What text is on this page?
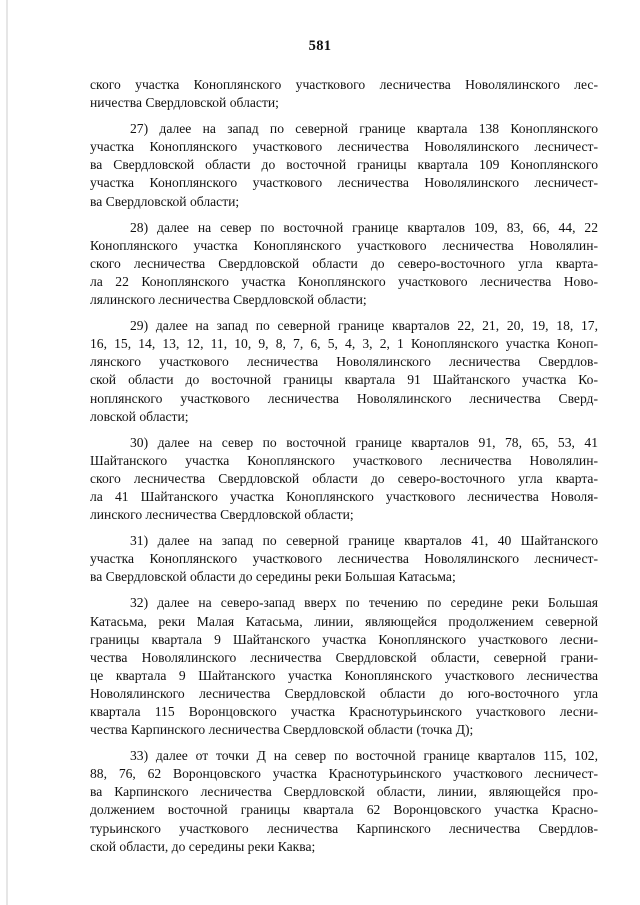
581
ского участка Коноплянского участкового лесничества Новолялинского лес-
ничества Свердловской области;
27) далее на запад по северной границе квартала 138 Коноплянского
участка Коноплянского участкового лесничества Новолялинского лесничест-
ва Свердловской области до восточной границы квартала 109 Коноплянского
участка Коноплянского участкового лесничества Новолялинского лесничест-
ва Свердловской области;
28) далее на север по восточной границе кварталов 109, 83, 66, 44, 22
Коноплянского участка Коноплянского участкового лесничества Новолялин-
ского лесничества Свердловской области до северо-восточного угла кварта-
ла 22 Коноплянского участка Коноплянского участкового лесничества Ново-
лялинского лесничества Свердловской области;
29) далее на запад по северной границе кварталов 22, 21, 20, 19, 18, 17,
16, 15, 14, 13, 12, 11, 10, 9, 8, 7, 6, 5, 4, 3, 2, 1 Коноплянского участка Коноп-
лянского участкового лесничества Новолялинского лесничества Свердлов-
ской области до восточной границы квартала 91 Шайтанского участка Ко-
ноплянского участкового лесничества Новолялинского лесничества Сверд-
ловской области;
30) далее на север по восточной границе кварталов 91, 78, 65, 53, 41
Шайтанского участка Коноплянского участкового лесничества Новолялин-
ского лесничества Свердловской области до северо-восточного угла кварта-
ла 41 Шайтанского участка Коноплянского участкового лесничества Новоля-
линского лесничества Свердловской области;
31) далее на запад по северной границе кварталов 41, 40 Шайтанского
участка Коноплянского участкового лесничества Новолялинского лесничест-
ва Свердловской области до середины реки Большая Катасьма;
32) далее на северо-запад вверх по течению по середине реки Большая
Катасьма, реки Малая Катасьма, линии, являющейся продолжением северной
границы квартала 9 Шайтанского участка Коноплянского участкового лесни-
чества Новолялинского лесничества Свердловской области, северной грани-
це квартала 9 Шайтанского участка Коноплянского участкового лесничества
Новолялинского лесничества Свердловской области до юго-восточного угла
квартала 115 Воронцовского участка Краснотурьинского участкового лесни-
чества Карпинского лесничества Свердловской области (точка Д);
33) далее от точки Д на север по восточной границе кварталов 115, 102,
88, 76, 62 Воронцовского участка Краснотурьинского участкового лесничест-
ва Карпинского лесничества Свердловской области, линии, являющейся про-
должением восточной границы квартала 62 Воронцовского участка Красно-
турьинского участкового лесничества Карпинского лесничества Свердлов-
ской области, до середины реки Каква;
